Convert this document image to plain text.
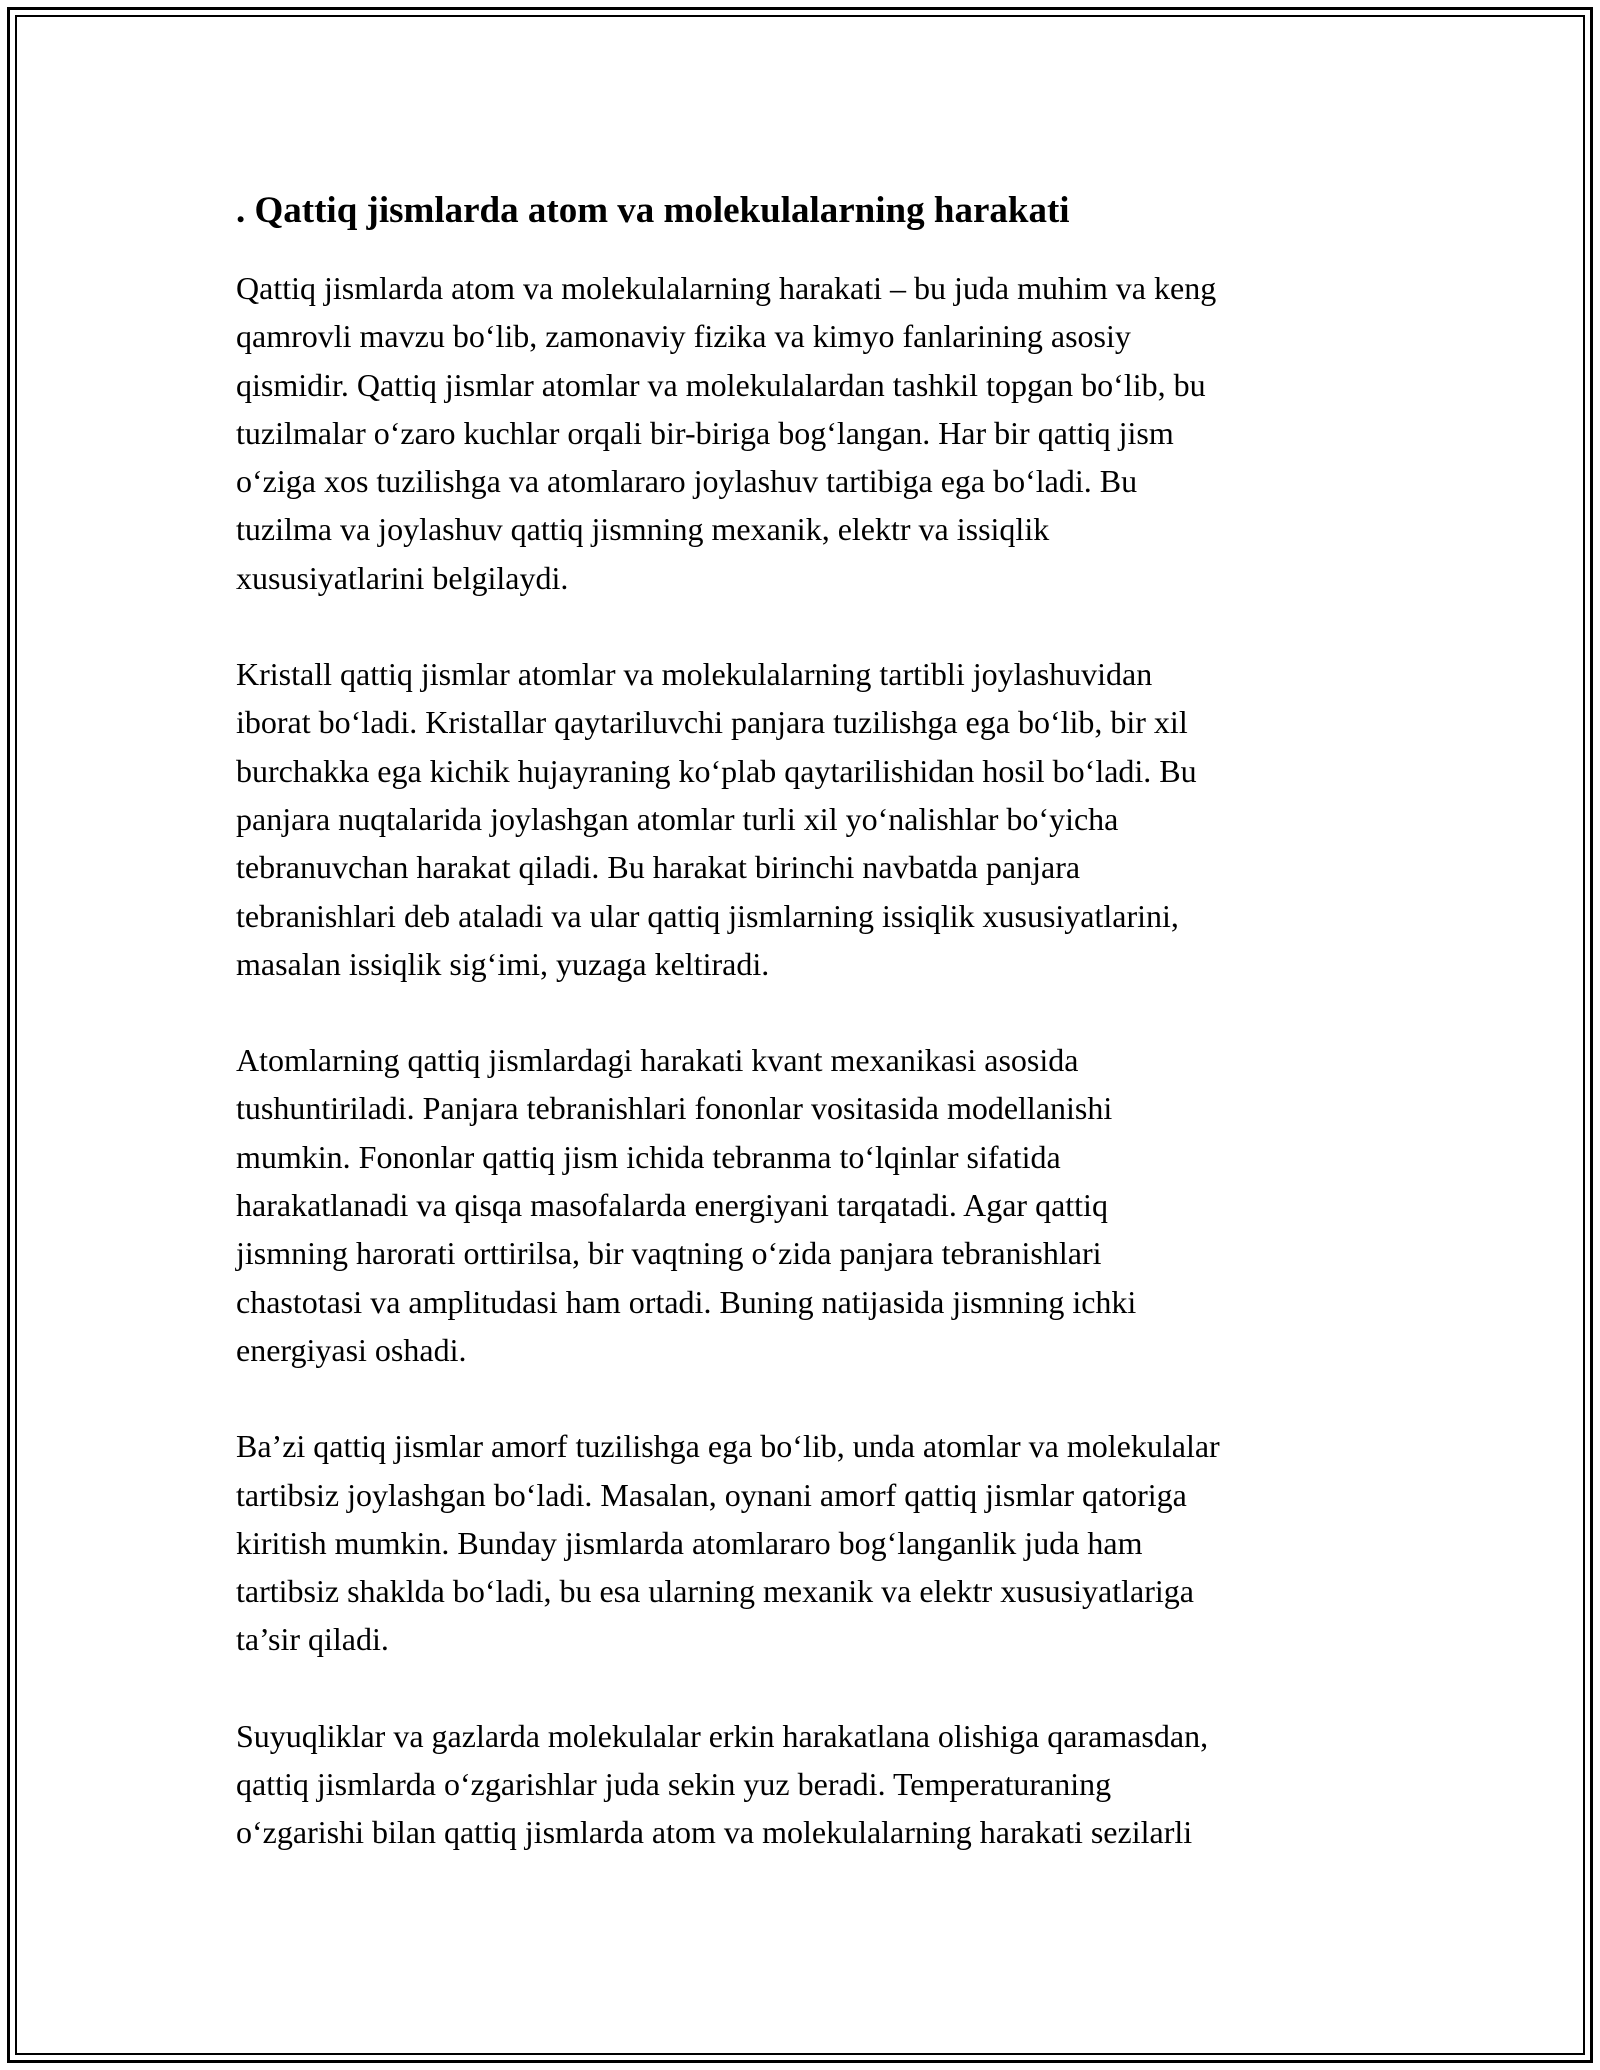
. Qattiq jismlarda atom va molekulalarning harakati

Qattiq jismlarda atom va molekulalarning harakati – bu juda muhim va keng
qamrovli mavzu bo‘lib, zamonaviy fizika va kimyo fanlarining asosiy
qismidir. Qattiq jismlar atomlar va molekulalardan tashkil topgan bo‘lib, bu
tuzilmalar o‘zaro kuchlar orqali bir-biriga bog‘langan. Har bir qattiq jism
o‘ziga xos tuzilishga va atomlararo joylashuv tartibiga ega bo‘ladi. Bu
tuzilma va joylashuv qattiq jismning mexanik, elektr va issiqlik
xususiyatlarini belgilaydi.

Kristall qattiq jismlar atomlar va molekulalarning tartibli joylashuvidan
iborat bo‘ladi. Kristallar qaytariluvchi panjara tuzilishga ega bo‘lib, bir xil
burchakka ega kichik hujayraning ko‘plab qaytarilishidan hosil bo‘ladi. Bu
panjara nuqtalarida joylashgan atomlar turli xil yo‘nalishlar bo‘yicha
tebranuvchan harakat qiladi. Bu harakat birinchi navbatda panjara
tebranishlari deb ataladi va ular qattiq jismlarning issiqlik xususiyatlarini,
masalan issiqlik sig‘imi, yuzaga keltiradi.

Atomlarning qattiq jismlardagi harakati kvant mexanikasi asosida
tushuntiriladi. Panjara tebranishlari fononlar vositasida modellanishi
mumkin. Fononlar qattiq jism ichida tebranma to‘lqinlar sifatida
harakatlanadi va qisqa masofalarda energiyani tarqatadi. Agar qattiq
jismning harorati orttirilsa, bir vaqtning o‘zida panjara tebranishlari
chastotasi va amplitudasi ham ortadi. Buning natijasida jismning ichki
energiyasi oshadi.

Ba’zi qattiq jismlar amorf tuzilishga ega bo‘lib, unda atomlar va molekulalar
tartibsiz joylashgan bo‘ladi. Masalan, oynani amorf qattiq jismlar qatoriga
kiritish mumkin. Bunday jismlarda atomlararo bog‘langanlik juda ham
tartibsiz shaklda bo‘ladi, bu esa ularning mexanik va elektr xususiyatlariga
ta’sir qiladi.

Suyuqliklar va gazlarda molekulalar erkin harakatlana olishiga qaramasdan,
qattiq jismlarda o‘zgarishlar juda sekin yuz beradi. Temperaturaning
o‘zgarishi bilan qattiq jismlarda atom va molekulalarning harakati sezilarli
